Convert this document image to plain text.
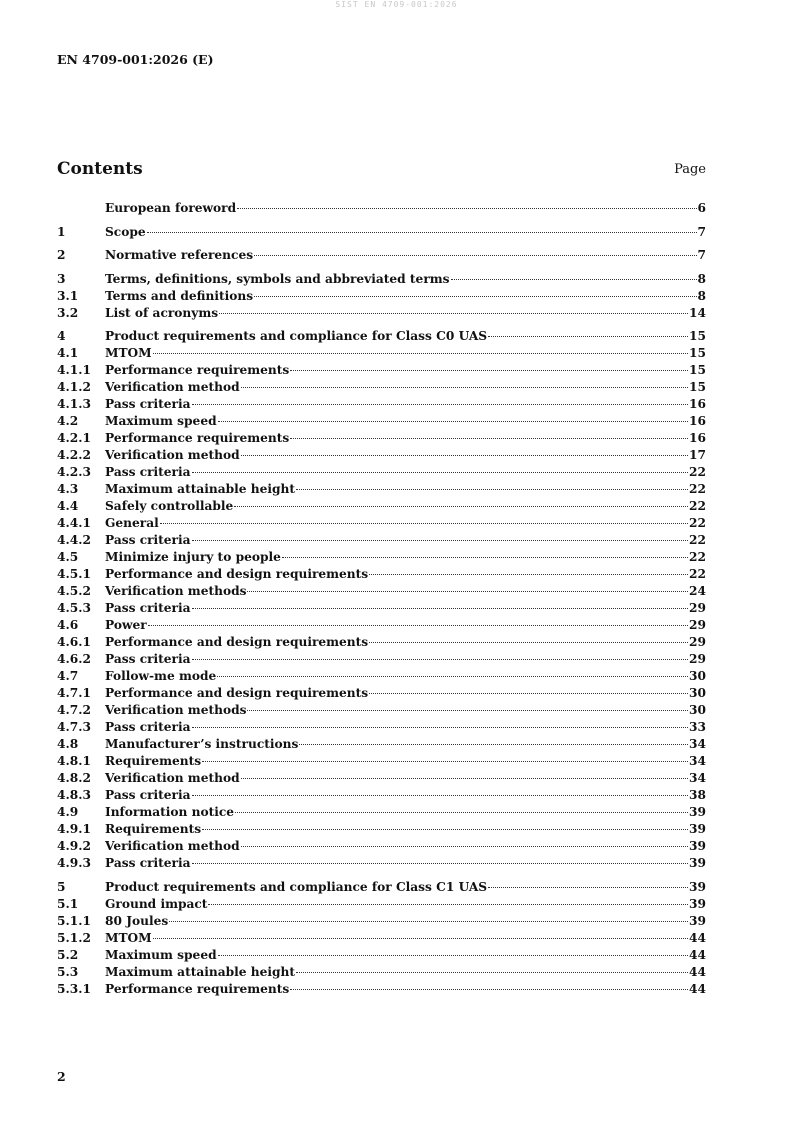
SIST EN 4709-001:2026
EN 4709-001:2026 (E)
Contents	Page
European foreword	6
1	Scope	7
2	Normative references	7
3	Terms, definitions, symbols and abbreviated terms	8
3.1	Terms and definitions	8
3.2	List of acronyms	14
4	Product requirements and compliance for Class C0 UAS	15
4.1	MTOM	15
4.1.1	Performance requirements	15
4.1.2	Verification method	15
4.1.3	Pass criteria	16
4.2	Maximum speed	16
4.2.1	Performance requirements	16
4.2.2	Verification method	17
4.2.3	Pass criteria	22
4.3	Maximum attainable height	22
4.4	Safely controllable	22
4.4.1	General	22
4.4.2	Pass criteria	22
4.5	Minimize injury to people	22
4.5.1	Performance and design requirements	22
4.5.2	Verification methods	24
4.5.3	Pass criteria	29
4.6	Power	29
4.6.1	Performance and design requirements	29
4.6.2	Pass criteria	29
4.7	Follow-me mode	30
4.7.1	Performance and design requirements	30
4.7.2	Verification methods	30
4.7.3	Pass criteria	33
4.8	Manufacturer’s instructions	34
4.8.1	Requirements	34
4.8.2	Verification method	34
4.8.3	Pass criteria	38
4.9	Information notice	39
4.9.1	Requirements	39
4.9.2	Verification method	39
4.9.3	Pass criteria	39
5	Product requirements and compliance for Class C1 UAS	39
5.1	Ground impact	39
5.1.1	80 Joules	39
5.1.2	MTOM	44
5.2	Maximum speed	44
5.3	Maximum attainable height	44
5.3.1	Performance requirements	44
2
